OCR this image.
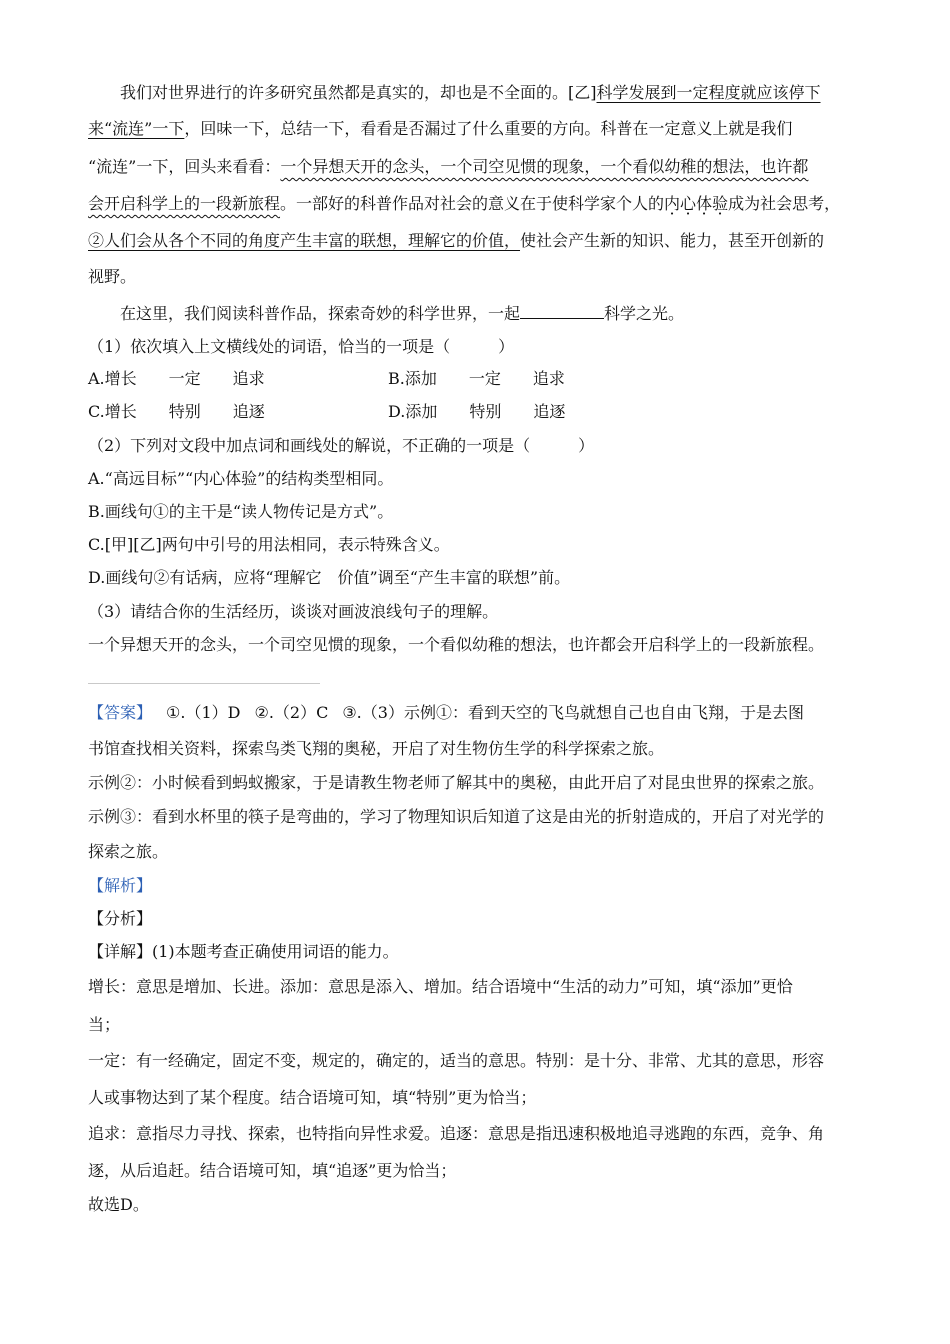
我们对世界进行的许多研究虽然都是真实的，却也是不全面的。[乙]科学发展到一定程度就应该停下
来“流连”一下，回味一下，总结一下，看看是否漏过了什么重要的方向。科普在一定意义上就是我们
“流连”一下，回头来看看：一个异想天开的念头，一个司空见惯的现象，一个看似幼稚的想法，也许都
会开启科学上的一段新旅程。一部好的科普作品对社会的意义在于使科学家个人的内心体验成为社会思考，
②人们会从各个不同的角度产生丰富的联想，理解它的价值，使社会产生新的知识、能力，甚至开创新的
视野。
在这里，我们阅读科普作品，探索奇妙的科学世界，一起	科学之光。
（1）依次填入上文横线处的词语，恰当的一项是（　　　）
A.增长　　一定　　追求	B.添加　　一定　　追求
C.增长　　特别　　追逐	D.添加　　特别　　追逐
（2）下列对文段中加点词和画线处的解说，不正确的一项是（　　　）
A.“高远目标”“内心体验”的结构类型相同。
B.画线句①的主干是“读人物传记是方式”。
C.[甲][乙]两句中引号的用法相同，表示特殊含义。
D.画线句②有话病，应将“理解它　价值”调至“产生丰富的联想”前。
（3）请结合你的生活经历，谈谈对画波浪线句子的理解。
一个异想天开的念头，一个司空见惯的现象，一个看似幼稚的想法，也许都会开启科学上的一段新旅程。
【答案】 ①.（1）D ②.（2）C ③.（3）示例①：看到天空的飞鸟就想自己也自由飞翔，于是去图
书馆查找相关资料，探索鸟类飞翔的奥秘，开启了对生物仿生学的科学探索之旅。
示例②：小时候看到蚂蚁搬家，于是请教生物老师了解其中的奥秘，由此开启了对昆虫世界的探索之旅。
示例③：看到水杯里的筷子是弯曲的，学习了物理知识后知道了这是由光的折射造成的，开启了对光学的
探索之旅。
【解析】
【分析】
【详解】(1)本题考查正确使用词语的能力。
增长：意思是增加、长进。添加：意思是添入、增加。结合语境中“生活的动力”可知，填“添加”更恰
当；
一定：有一经确定，固定不变，规定的，确定的，适当的意思。特别：是十分、非常、尤其的意思，形容
人或事物达到了某个程度。结合语境可知，填“特别”更为恰当；
追求：意指尽力寻找、探索，也特指向异性求爱。追逐：意思是指迅速积极地追寻逃跑的东西，竞争、角
逐，从后追赶。结合语境可知，填“追逐”更为恰当；
故选D。
